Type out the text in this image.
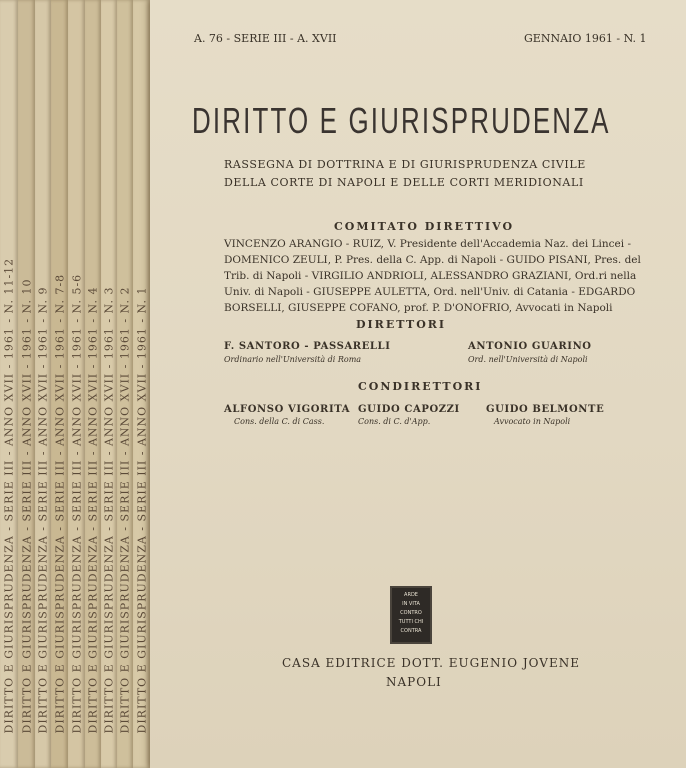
DIRITTO E GIURISPRUDENZA - SERIE III - ANNO XVII - 1961 - N. 11-12 DIRITTO E GIURISPRUDENZA - SERIE III - ANNO XVII - 1961 - N. 10 DIRITTO E GIURISPRUDENZA - SERIE III - ANNO XVII - 1961 - N. 9 DIRITTO E GIURISPRUDENZA - SERIE III - ANNO XVII - 1961 - N. 7-8 DIRITTO E GIURISPRUDENZA - SERIE III - ANNO XVII - 1961 - N. 5-6 DIRITTO E GIURISPRUDENZA - SERIE III - ANNO XVII - 1961 - N. 4 DIRITTO E GIURISPRUDENZA - SERIE III - ANNO XVII - 1961 - N. 3 DIRITTO E GIURISPRUDENZA - SERIE III - ANNO XVII - 1961 - N. 2 DIRITTO E GIURISPRUDENZA - SERIE III - ANNO XVII - 1961 - N. 1
A. 76 - SERIE III - A. XVII	GENNAIO 1961 - N. 1
DIRITTO E GIURISPRUDENZA
RASSEGNA DI DOTTRINA E DI GIURISPRUDENZA CIVILE
DELLA CORTE DI NAPOLI E DELLE CORTI MERIDIONALI
COMITATO DIRETTIVO
VINCENZO ARANGIO - RUIZ, V. Presidente dell'Accademia Naz. dei Lincei -
DOMENICO ZEULI, P. Pres. della C. App. di Napoli - GUIDO PISANI, Pres. del
Trib. di Napoli - VIRGILIO ANDRIOLI, ALESSANDRO GRAZIANI, Ord.ri nella
Univ. di Napoli - GIUSEPPE AULETTA, Ord. nell'Univ. di Catania - EDGARDO
BORSELLI, GIUSEPPE COFANO, prof. P. D'ONOFRIO, Avvocati in Napoli
DIRETTORI
F. SANTORO - PASSARELLI
Ordinario nell'Università di Roma
ANTONIO GUARINO
Ord. nell'Università di Napoli
CONDIRETTORI
ALFONSO VIGORITA
Cons. della C. di Cass.
GUIDO CAPOZZI
Cons. di C. d'App.
GUIDO BELMONTE
Avvocato in Napoli
ARDE
IN VITA
CONTRO
TUTTI CHI
CONTRA
CASA EDITRICE DOTT. EUGENIO JOVENE
NAPOLI
